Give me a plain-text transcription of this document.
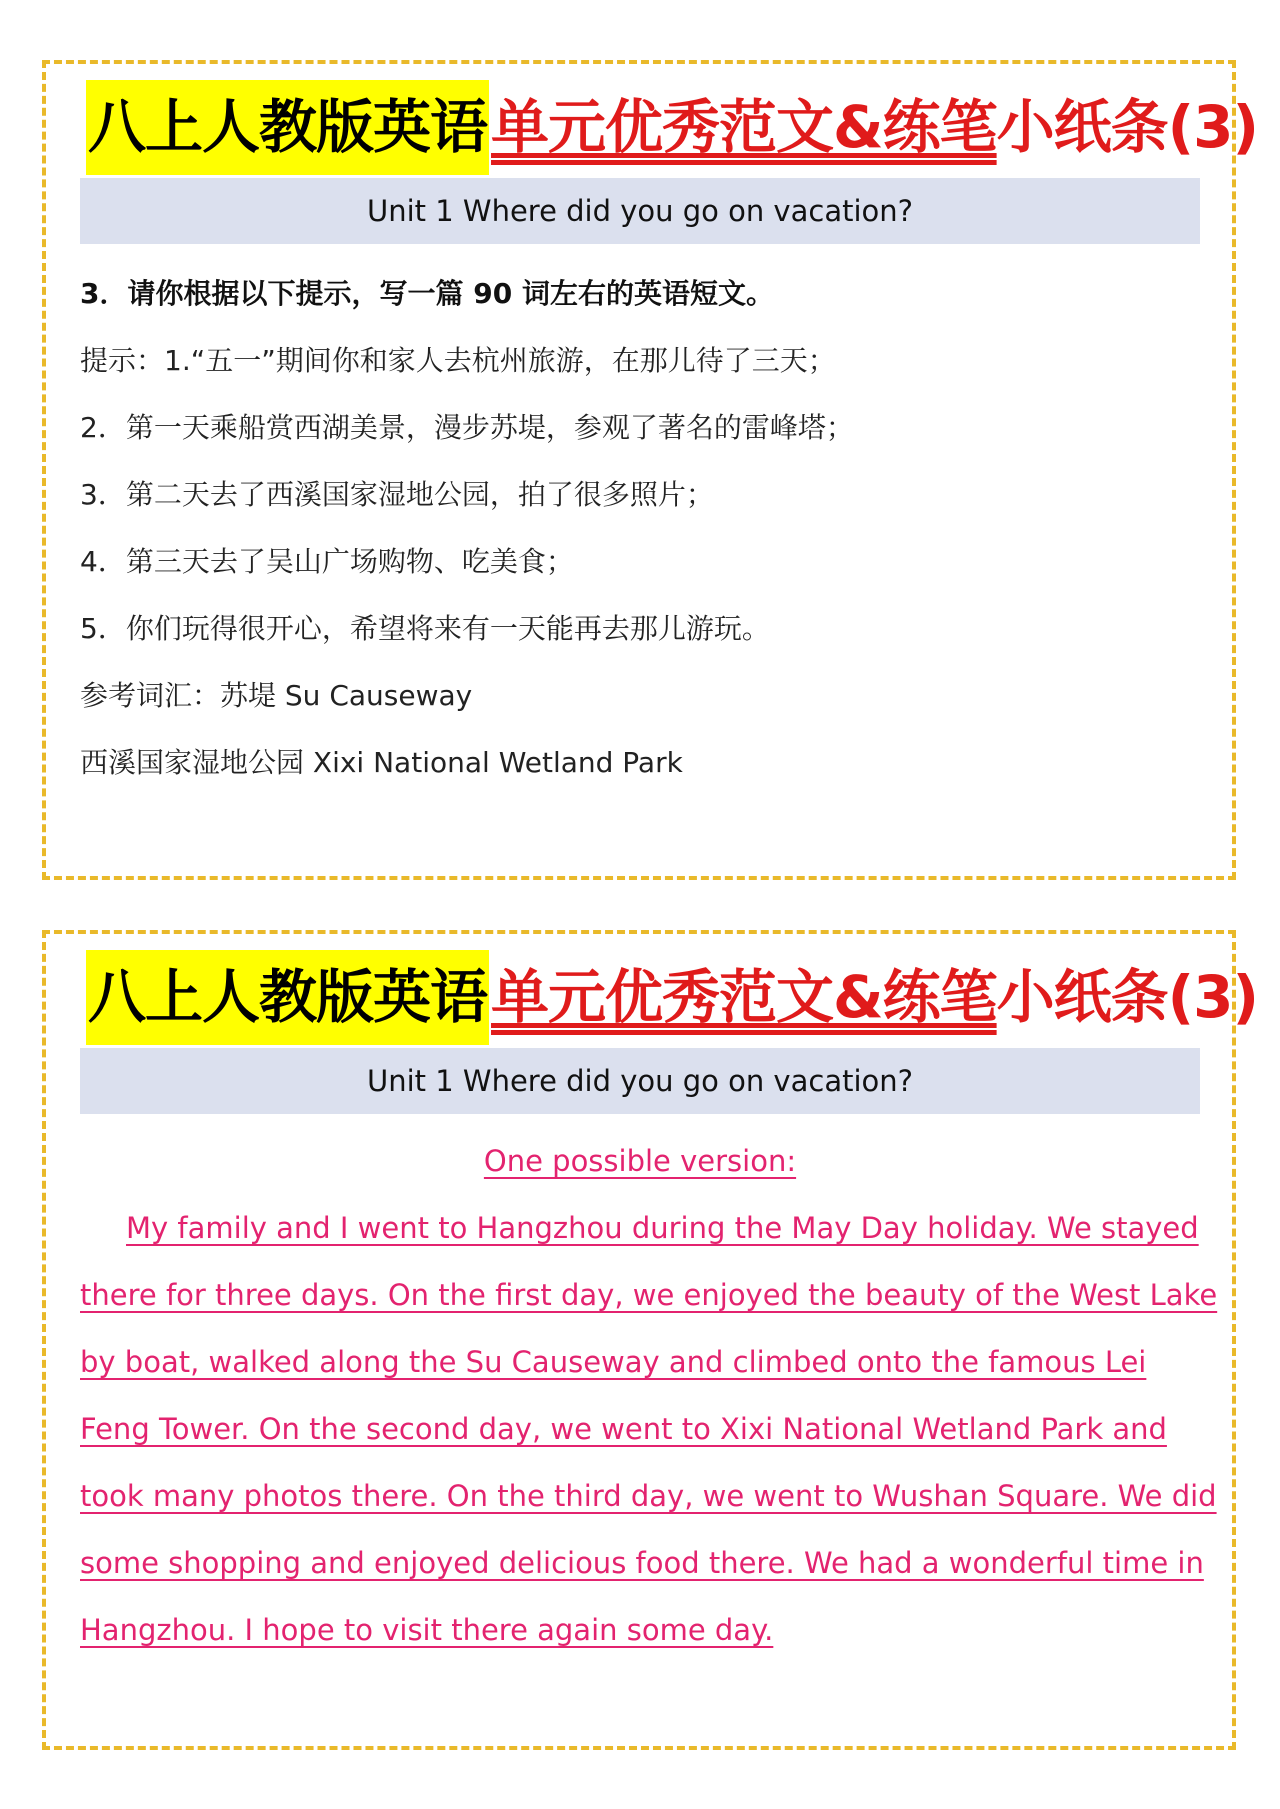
八上人教版英语 单元优秀范文&练笔小纸条(3)
Unit 1 Where did you go on vacation?
3．请你根据以下提示，写一篇 90 词左右的英语短文。
提示：1.“五一”期间你和家人去杭州旅游，在那儿待了三天；
2．第一天乘船赏西湖美景，漫步苏堤，参观了著名的雷峰塔；
3．第二天去了西溪国家湿地公园，拍了很多照片；
4．第三天去了吴山广场购物、吃美食；
5．你们玩得很开心，希望将来有一天能再去那儿游玩。
参考词汇：苏堤 Su Causeway
西溪国家湿地公园 Xixi National Wetland Park
八上人教版英语 单元优秀范文&练笔小纸条(3)
Unit 1 Where did you go on vacation?
One possible version:
My family and I went to Hangzhou during the May Day holiday. We stayed
there for three days. On the first day, we enjoyed the beauty of the West Lake
by boat, walked along the Su Causeway and climbed onto the famous Lei
Feng Tower. On the second day, we went to Xixi National Wetland Park and
took many photos there. On the third day, we went to Wushan Square. We did
some shopping and enjoyed delicious food there. We had a wonderful time in
Hangzhou. I hope to visit there again some day.
